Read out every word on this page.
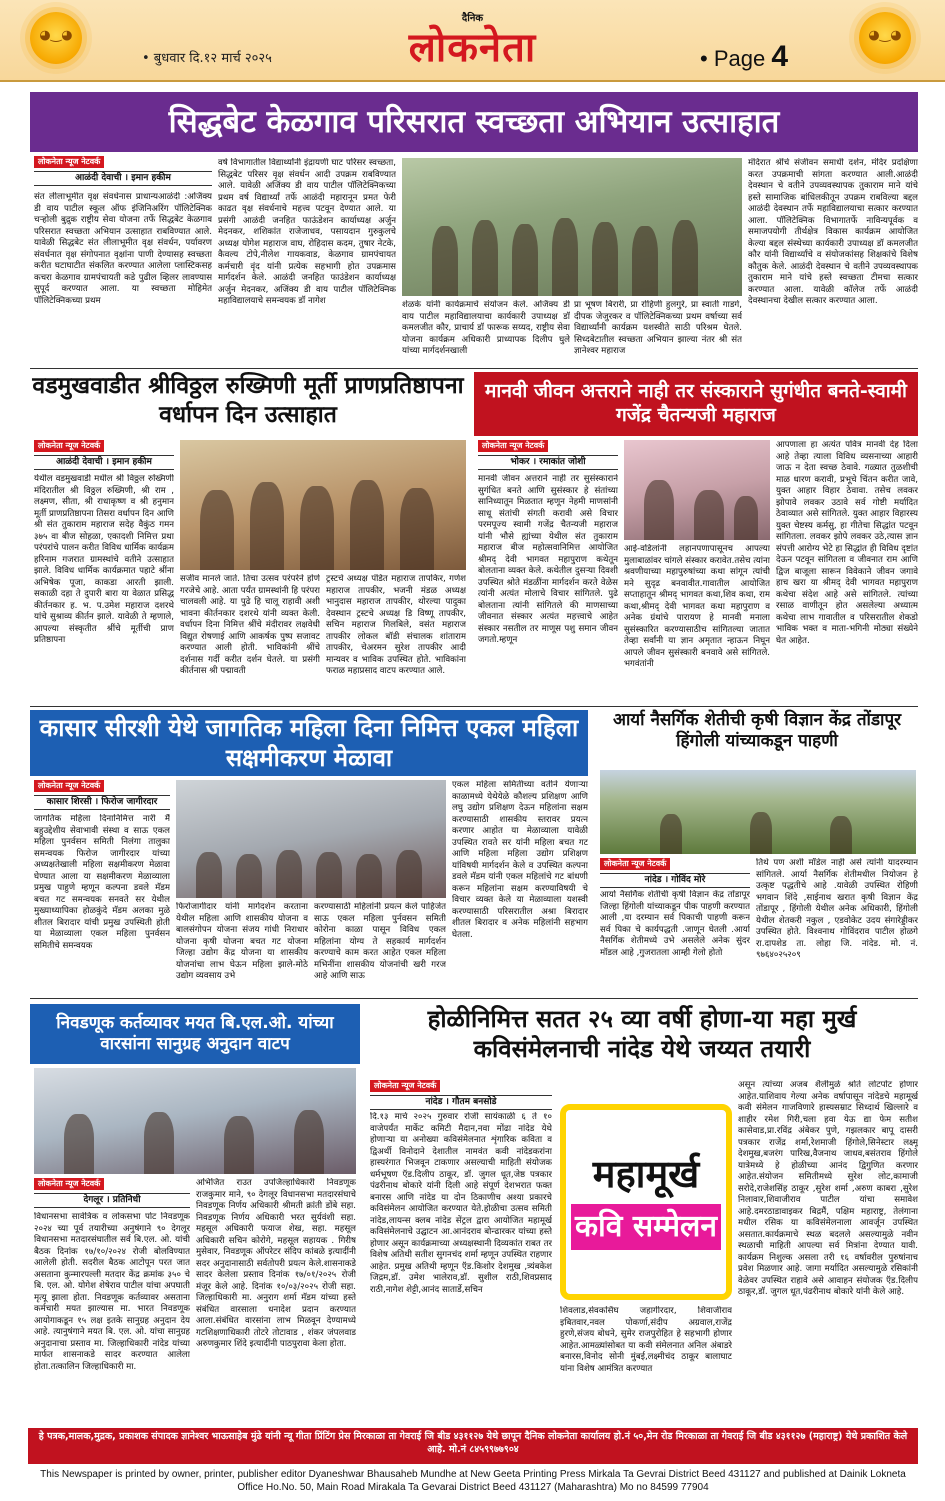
◕‿◕
• बुधवार दि.१२ मार्च २०२५
दैनिक
लोकनेता	• Page 4
◕‿◕
सिद्धबेट केळगाव परिसरात स्वच्छता अभियान उत्साहात
लोकनेता न्यूज नेटवर्क
आळंदी देवाची । इमान हकीम
संत लीलाभूमीत वृक्ष संवर्धनास प्राधान्यआळंदी :अजिंक्य डी वाय पाटील स्कूल ऑफ इंजिनिअरिंग पॉलिटेक्निक चऱ्होली बुद्रुक राष्ट्रीय सेवा योजना तर्फे सिद्धबेट केळगाव परिसरात स्वच्छता अभियान उत्साहात राबविण्यात आले. यावेळी सिद्धबेट संत लीलाभूमीत वृक्ष संवर्धन, पर्यावरण संवर्धनात वृक्ष संगोपनात वृक्षांना पाणी देण्यासह स्वच्छता करीत घटाघाटीत संकलित करण्यात आलेला प्लास्टिकसह कचरा केळगाव ग्रामपंचायती कडे पुढील व्हिलर लावण्यास सुपूर्द करण्यात आला. या स्वच्छता मोहिमेत पॉलिटेक्निकच्या प्रथम
वर्ष विभागातील विद्यार्थ्यांनी इंद्रायणी घाट परिसर स्वच्छता, सिद्धबेट परिसर वृक्ष संवर्धन आदी उपक्रम राबविण्यात आले. यावेळी अजिंक्य डी वाय पाटील पॉलिटेक्निकच्या प्रथम वर्ष विद्यार्थ्यां तर्फे आळंदी महारानून प्रमत फेरी काढत वृक्ष संवर्धनाचे महत्त्व पटवून देण्यात आले. या प्रसंगी आळंदी जनहित फाऊंडेशन कार्याध्यक्ष अर्जुन मेदनकर, शशिकांत राजेजाधव, पसायदान गुरुकुलचे अध्यक्ष योगेश महाराज वाघ, रोहिदास कदम, तुषार नेटके, कैवल्य टोपे,नीलेश गायकवाड, केळगाव ग्रामपंचायत कर्मचारी वृंद यांनी प्रत्येक सहभागी होत उपक्रमास मार्गदर्शन केले. आळंदी जनहित फाउंडेशन कार्याध्यक्ष अर्जुन मेदनकर, अजिंक्य डी वाय पाटील पॉलिटेक्निक महाविद्यालयाचे समन्वयक डॉ नागेश	शेळके यांनी कार्यक्रमाचे संयोजन केले. अजिंक्य डी वाय पाटील महाविद्यालयाचा कार्यकारी उपाध्यक्ष डॉ कमलजीत कौर, प्राचार्य डॉ फारूक सय्यद, राष्ट्रीय सेवा योजना कार्यक्रम अधिकारी प्राध्यापक दिलीप घुले यांच्या मार्गदर्शनखाली
प्रा भूषण बिरारी, प्रा रोहिणी हुलगुरे, प्रा स्वाती गाडगे, दीपक जेजुरकर व पॉलिटेक्निकच्या प्रथम वर्षाच्या सर्व विद्यार्थ्यांनी कार्यक्रम यशस्वीते साठी परिश्रम घेतले. सिध्दबेटातील स्वच्छता अभियान झाल्या नंतर श्री संत ज्ञानेश्वर महाराज
मंदिरात श्रींचे संजीवन समाधी दर्शन, मंदिर प्रदक्षिणा करत उपक्रमाची सांगता करण्यात आली.आळंदी देवस्थान चे वतीने उपव्यवस्थापक तुकाराम माने यांचे हस्ते सामाजिक बांधिलकीतून उपक्रम राबविल्या बद्दल आळंदी देवस्थान तर्फे महाविद्यालयाचा सत्कार करण्यात आला. पॉलिटेक्निक विभागातर्फे नाविन्यपूर्वक व समाजपयोगी तीर्थक्षेत्र विकास कार्यक्रम आयोजित केल्या बद्दल संस्थेच्या कार्यकारी उपाध्यक्ष डॉ कमलजीत कौर यांनी विद्यार्थ्यांचे व संयोजकांसह शिक्षकांचे विशेष कौतुक केले. आळंदी देवस्थान चे वतीने उपव्यवस्थापक तुकाराम माने यांचे हस्ते स्वच्छता टीमचा सत्कार करण्यात आला. यावेळी कॉलेज तर्फे आळंदी देवस्थानचा देखील सत्कार करण्यात आला.
वडमुखवाडीत श्रीविठ्ठल रुख्मिणी मूर्ती प्राणप्रतिष्ठापना वर्धापन दिन उत्साहात
लोकनेता न्यूज नेटवर्क
आळंदी देवाची । इमान हकीम
येथील वडमुखवाडी मधील श्री विठ्ठल रुख्मिणी मंदिरातील श्री विठ्ठल रुख्मिणी, श्री राम , लक्ष्मण, सीता, श्री राधाकृष्ण व श्री हनुमान मूर्ती प्राणप्रतिष्ठापना तिसरा वर्धापन दिन आणि श्री संत तुकाराम महाराज सदेह वैकुंठ गमन ३७५ वा बीज सोहळा, एकादशी निमित्त प्रथा परंपरांचे पालन करीत विविध धार्मिक कार्यक्रम हरिनाम गजरात ग्रामस्थांचे वतीने उत्साहात झाले. विविध धार्मिक कार्यक्रमात पहाटे श्रींना अभिषेक पूजा, काकडा आरती झाली. सकाळी दहा ते दुपारी बारा या वेळात प्रसिद्ध कीर्तनकार ह. भ. प.उमेश महाराज दशरथे यांचे सुश्राव्य कीर्तन झाले. यावेळी ते म्हणाले, आपल्या संस्कृतीत श्रींचे मूर्तीची प्राण प्रतिष्ठापना
सजीव मानले जाते. तिचा उत्सव परंपरेने होणे गरजेचे आहे. आता पर्यंत ग्रामस्थांनी हि परंपरा चालवली आहे. या पुढे हि चालू राहावी अशी भावना कीर्तनकार दशरथे यांनी व्यक्त केली. वर्धापन दिना निमित्त श्रींचे मंदीरावर लक्षवेधी विद्युत रोषणाई आणि आकर्षक पुष्प सजावट करण्यात आली होती. भाविकांनी श्रींचे दर्शनास गर्दी करीत दर्शन घेतले. या प्रसंगी कीर्तनास श्री पद्मावती
ट्रस्टचे अध्यक्ष पंडित महाराज तापकिर, गणेश महाराज तापकीर, भजनी मंडळ अध्यक्ष भानुदास महाराज तापकीर, थोरल्या पादुका देवस्थान ट्रस्टचे अध्यक्ष डि विष्णू तापकीर, सचिन महाराज गिलबिले, वसंत महाराज तापकीर लोकल बॉडी संचालक शांताराम तापकीर, चेअरमन सुरेश तापकीर आदी मान्यवर व भाविक उपस्थित होते. भाविकांना फराळ महाप्रसाद वाटप करण्यात आले.
मानवी जीवन अत्तराने नाही तर संस्काराने सुगंधीत बनते-स्वामी गजेंद्र चैतन्यजी महाराज
लोकनेता न्यूज नेटवर्क
भोकर । रमाकांत जोशी
मानवी जीवन अत्तराने नाही तर सुसंस्काराने सुगंधित बनते आणि सुसंस्कार हे संतांच्या सानिध्यातून मिळतात म्हणून नेहमी माणसांनी साधू संतांची संगती करावी असे विचार परमपूज्य स्वामी गजेंद्र चैतन्यजी महाराज यांनी भौसे ह्यांच्या येथील संत तुकाराम महाराज बीज महोत्सवानिमित्त आयोजित श्रीमद् देवी भागवत महापुराण कथेतून बोलताना व्यक्त केले. कथेतील दुसऱ्या दिवशी उपस्थित श्रोते मंडळींना मार्गदर्शन करते वेळेस त्यांनी अत्यंत मोलाचे विचार सांगितले. पुढे बोलताना त्यांनी सांगितले की माणसाच्या जीवनात संस्कार अत्यंत महत्त्वाचे आहेत संस्कार नसतील तर माणूस पशु समान जीवन जगतो.म्हणून
आई-वडिलांनी लहानपणापासूनच आपल्या मुलाबाळांवर चांगले संस्कार करावेत.तसेच त्यांना श्रवणीयाच्या महापुरुषांच्या कथा सांगून त्यांची मने सुदृढ बनवावीत.गावातील आयोजित सप्ताहातून श्रीमद् भागवत कथा,शिव कथा, राम कथा,श्रीमद् देवी भागवत कथा महापुराण व अनेक ग्रंथांचे पारायण हे मानवी मनाला सुसंस्कारित करण्यासाठीच सांगितल्या जातात तेव्हा सर्वांनी या ज्ञान अमृतात न्हाऊन निघून आपले जीवन सुसंस्कारी बनवावे असे सांगितले. भगवंतांनी
आपणाला हा अत्यंत पवित्र मानवी देह दिला आहे तेव्हा त्याला विविध व्यसनाच्या आहारी जाऊ न देता स्वच्छ ठेवावे. गळ्यात तुळशीची माळ धारण करावी, प्रभूचे चिंतन करीत जावे, युक्त आहार विहार ठेवावा. तसेच लवकर झोपावे लवकर उठावे सर्व गोष्टी मर्यादित ठेवाव्यात असे सांगितले. युक्त आहार विहारस्य युक्त चेष्टस्य कर्मसु, हा गीतेचा सिद्धांत पटवून सांगितला. लवकर झोपे लवकर उठे,त्यास ज्ञान संपत्ती आरोग्य भेटे हा सिद्धांत ही विविध दृष्टांत देऊन पटवून सांगितला व जीवनात राम आणि द्विज बाजूला सारून विवेकाने जीवन जगावे हाच खरा या श्रीमद् देवी भागवत महापुराण कथेचा संदेश आहे असे सांगितले. त्यांच्या रसाळ वाणीतून होत असलेल्या अध्यात्म कथेचा लाभ गावातील व परिसरातील शेकडो भाविक भक्त व माता-भगिनी मोठ्या संख्येने घेत आहेत.
कासार सीरशी येथे जागतिक महिला दिना निमित्त एकल महिला सक्षमीकरण मेळावा
लोकनेता न्यूज नेटवर्क
कासार शिरसी । फिरोज जागीरदार
जागतिक महिला दिनानिमित्त नारी मैं बहुउद्देशीय सेवाभावी संस्था व साऊ एकल महिला पुनर्वसन समिती निलंगा तालुका समन्वयक फिरोज जागीरदार यांच्या अध्यक्षतेखाली महिला सक्षमीकरण मेळावा घेण्यात आला या सक्षमीकरण मेळाव्याला प्रमुख पाहुणे म्हणून कल्पना डवले मॅडम बचत गट समन्वयक सनवते सर येथील मुख्याध्यापिका होळकुंदे मॅडम अलका मुळे शीतल बिरादार यांची प्रमुख उपस्थिती होती या मेळाव्याला एकल महिला पुनर्वसन समितीचे समन्वयक
फिरोजागीदार यांनी मार्गदर्शन करताना येथील महिला आणि शासकीय योजना व बालसंगोपन योजना संजय गांधी निराधार योजना कृषी योजना बचत गट योजना जिल्हा उद्योग केंद्र योजना या शासकीय योजनांचा लाभ घेऊन महिला झाले-मोठे उद्योग व्यवसाय उभे
करण्यासाठी महिलांनी प्रयत्न केले पाहिजेत साऊ एकल महिला पुर्नवसन समिती कोरोना काळा पासून विविध एकल महिलांना योग्य ते सहकार्य मार्गदर्शन करण्याचे काम करत आहेत एकल महिला मभिनींना शासकीय योजनांची खरी गरज आहे आणि साऊ
एकल महिला समितीच्या वतीने येणाऱ्या काळामध्ये येथेयेळे कौशल्य प्रशिक्षण आणि लघु उद्योग प्रशिक्षण देऊन महिलांना सक्षम करण्यासाठी शासकीय स्तरावर प्रयत्न करणार आहोत या मेळाव्याला यावेळी उपस्थित रावते सर यांनी महिला बचत गट आणि महिला महिला उद्योग प्रशिक्षण यांविषयी मार्गदर्शन केले व उपस्थित कल्पना डवले मॅडम यांनी एकल महिलांचे गट बांधणी करून महिलांना सक्षम करण्याविषयी चे विचार व्यक्त केले या मेळाव्याला यशस्वी करण्यासाठी परिसरातील अश्रा बिरादार शीतल बिरादार व अनेक महिलांनी सहभाग घेतला.
आर्या नैसर्गिक शेतीची कृषी विज्ञान केंद्र तोंडापूर हिंगोली यांच्याकडून पाहणी
लोकनेता न्यूज नेटवर्क
नांदेड । गोविंद मोरे
आर्या नैसर्गिक शेतीची कृषी विज्ञान केंद्र तोंडापूर जिल्हा हिंगोली यांच्याकडून पीक पाहणी करण्यात आली ,या दरम्यान सर्व पिकाची पाहणी करून सर्व पिका चे कार्यपद्धती .जाणून घेतली .आर्या नैसर्गिक शेतीमध्ये उभे असलेले अनेक सुंदर मॉडल आहे ,गुजरातला आम्ही गेलो होतो
तिथे पण अशी मॉडेल नाही असे त्यांनी यादरम्यान सांगितले. आर्या नैसर्गिक शेतीमधील नियोजन हे उत्कृष्ट पद्धतीचे आहे .यावेळी उपस्थित रोहिणी भगवान शिंदे ,साईनाथ खरात कृषी विज्ञान केंद्र तोंडापूर , हिंगोली येथील अनेक अधिकारी, हिंगोली येथील शेतकरी नकुल , एडवोकेट उदय संगारेड्डीकर उपस्थित होते. विश्वनाथ गोविंदराव पाटील होळगे रा.दापशेड ता. लोहा जि. नांदेड. मो. नं. ९७६४०२५२०९
निवडणूक कर्तव्यावर मयत बि.एल.ओ. यांच्या वारसांना सानुग्रह अनुदान वाटप
लोकनेता न्यूज नेटवर्क
देगलूर । प्रतिनिधी
विधानसभा सार्वत्रिक व लोकसभा पोट निवडणूक २०२४ च्या पूर्व तयारीच्या अनुषंगाने ९० देगलूर विधानसभा मतदारसंघातील सर्व बि.एल. ओ. यांची बैठक दिनांक १७/१०/२०२४ रोजी बोलविण्यात आलेली होती. सदरील बैठक आटोपून परत जात असताना कुन्मारपल्ली मतदार केंद्र क्रमांक ३५० चे बि. एल. ओ. योगेश शेषेराव पाटील यांचा अपघाती मृत्यू झाला होता. निवडणूक कर्तव्यावर असताना कर्मचारी मयत झाल्यास मा. भारत निवडणूक आयोगाकडून १५ लक्ष इतके सानुग्रह अनुदान देय आहे. त्यानुषंगाने मयत बि. एल. ओ. यांचा सानुग्रह अनुदानाचा प्रस्ताव मा. जिल्हाधिकारी नांदेड यांच्या मार्फत शासनाकडे सादर करण्यात आलेला होता.तत्कालिन जिल्हाधिकारी मा.
अभिजित राउत उपजिल्हाधिकारी निवडणूक राजकुमार माने, ९० देगलूर विधानसभा मतदारसंघाचे निवडणूक निर्णय अधिकारी श्रीमती क्रांती डोंबे सहा. निवडणूक निर्णय अधिकारी भरत सुर्यवंशी सहा. महसूल अधिकारी फयाज शेख, सहा. महसूल अधिकारी सचिन कोरोगे, महसूल सहायक . गिरीष मुसेवार, निवडणूक ऑपरेटर संदिप कांबळे इत्यादींनी सदर अनुदानासाठी सर्वतोपरी प्रयत्न केले.शासनाकडे सादर केलेला प्रस्ताव दिनांक १७/०१/२०२५ रोजी मंजूर केले आहे. दिनांक १०/०३/२०२५ रोजी सहा. जिल्हाधिकारी मा. अनुराग शर्मा मॅडम यांच्या हस्ते संबंधित वारसाला धनादेश प्रदान करण्यात आला.संबंधित वारसांना लाभ मिळवून देण्यामध्ये गटशिक्षणाधिकारी तोटरे तोटावाड , शंकर जंपलवाड अरुणकुमार शिंदे इत्यादींनी पाठपुरावा केला होता.
होळीनिमित्त सतत २५ व्या वर्षी होणा-या महा मुर्ख कविसंमेलनाची नांदेड येथे जय्यत तयारी
लोकनेता न्यूज नेटवर्क
नांदेड । गौतम बनसोडे
दि.१३ मार्च २०२५ गुरुवार रोजी सायंकाळी ६ ते १० वाजेपर्यंत मार्केट कमिटी मैदान,नवा मोंढा नांदेड येथे होणाऱ्या या अनोख्या कविसंमेलनात शृंगारिक कविता व द्विअर्थी विनोदाने देशातील नामवंत कवी नांदेडकरांना हास्यरंगात भिजवून टाकणार असल्याची माहिती संयोजक धर्मभूषण ऍड.दिलीप ठाकूर, डॉ. जुगल धूत,जेष्ठ पत्रकार पंढरीनाथ बोकारे यांनी दिली आहे संपूर्ण देशभरात फक्त बनारस आणि नांदेड या दोन ठिकाणीच अश्या प्रकारचे कविसंमेलन आयोजित करण्यात येते.होळीचा उत्सव समिती नांदेड,लायन्स क्लब नांदेड सेंट्रल द्वारा आयोजित महामूर्ख कविसंमेलनाचे उद्घाटन आ.आनंदराव बोन्ढारकर यांच्या हस्ते होणार असून कार्यक्रमाच्या अध्यक्षस्थानी दिव्यकांत राबत तर विशेष अतिथी सतीश सुगनचंद शर्मा म्हणून उपस्थित राहणार आहेत. प्रमुख अतिथी म्हणून ऍड.किशोर देशमुख ,त्र्यंबकेश जिद्रम,डॉ. उमेश भालेराव,डॉ. सुशील राठी,शिवप्रसाद राठी,नागेश शेट्टी,आनंद सातार्डे,सचिन
महामूर्ख
कवि सम्मेलन
शिवलाड,सेवकसिंघ जहागीरदार, शिवाजीराव इबितवार,नवल पोकर्णा,संदीप अग्रवाल,राजेंद्र हुरणे,संजय बोधने, सुमेर राजपुरोहित हे सहभागी होणार आहेत.आमळ्यांसोबत या कवी संमेलनात अनिल अंबाडरे बनारस,विनोद सोनी मुंबई,लक्ष्मीचंद ठाकूर बालाघाट यांना विशेष आमंत्रित करण्यात
असून त्यांच्या अजब शैलीमुळे श्रोते लोटपोट होणार आहेत.याशिवाय गेल्या अनेक वर्षापासून नांदेडचे महामूर्ख कवी संमेलन गाजविणारे हास्यसम्राट सिध्दार्थ खिल्लारे व शाहीर रमेश गिरी,चला हवा येऊ द्या फेम सतीश कासेवाड,प्रा.रविंद्र अंबेकर पुणे, गझलकार बापू दासरी पत्रकार राजेंद्र शर्मा,रेशमाजी हिंगोले,सिनेस्टार लक्ष्मू देशमुख,बजरंग पारिख,वैजनाथ जाधव,बसंतराव हिंगोले यात्रेमध्ये हे होळीच्या आनंद द्विगुणित करणार आहेत.संयोजन समितीमध्ये सुरेश लोट,कामाजी सरोदे,राजेशसिंह ठाकूर ,सुरेश शर्मा ,अरुण काबरा ,सुरेश निलावार,शिवाजीराव पाटील यांचा समावेश आहे.दमरठाडावाइकर बिद्रमैं, पक्षिम महाराष्ट्र, तेलंगाना मधील रसिक या कविसंमेलनाला आवर्जून उपस्थित असतात.कार्यक्रमाचे स्थळ बदलले असल्यामुळे नवीन स्थळाची माहिती आपल्या सर्व मित्रांना देण्यात यावी. कार्यक्रम निशुल्क असला तरी १६ वर्षावरील पुरुषांनाच प्रवेश मिळणार आहे. जागा मर्यादित असल्यामुळे रसिकांनी वेळेवर उपस्थित राहावे असे आवाहन संयोजक ऍड.दिलीप ठाकूर,डॉ. जुगल धूत,पंढरीनाथ बोकारे यांनी केले आहे.
हे पत्रक,मालक,मुद्रक, प्रकाशक संपादक ज्ञानेश्वर भाऊसाहेब मुंढे यांनी न्यू गीता प्रिंटिंग प्रेस मिरकाळा ता गेवराई जि बीड ४३११२७ येथे छापून दैनिक लोकनेता कार्यालय हो.नं ५०,मेन रोड मिरकाळा ता गेवराई जि बीड ४३११२७ (महाराष्ट्र) येथे प्रकाशित केले आहे. मो.नं ८४५९९७७९०४
This Newspaper is printed by owner, printer, publisher editor Dyaneshwar Bhausaheb Mundhe at New Geeta Printing Press Mirkala Ta Gevrai District Beed 431127 and published at Dainik Lokneta Office Ho.No. 50, Main Road Mirakala Ta Gevarai District Beed 431127 (Maharashtra) Mo no 84599 77904
